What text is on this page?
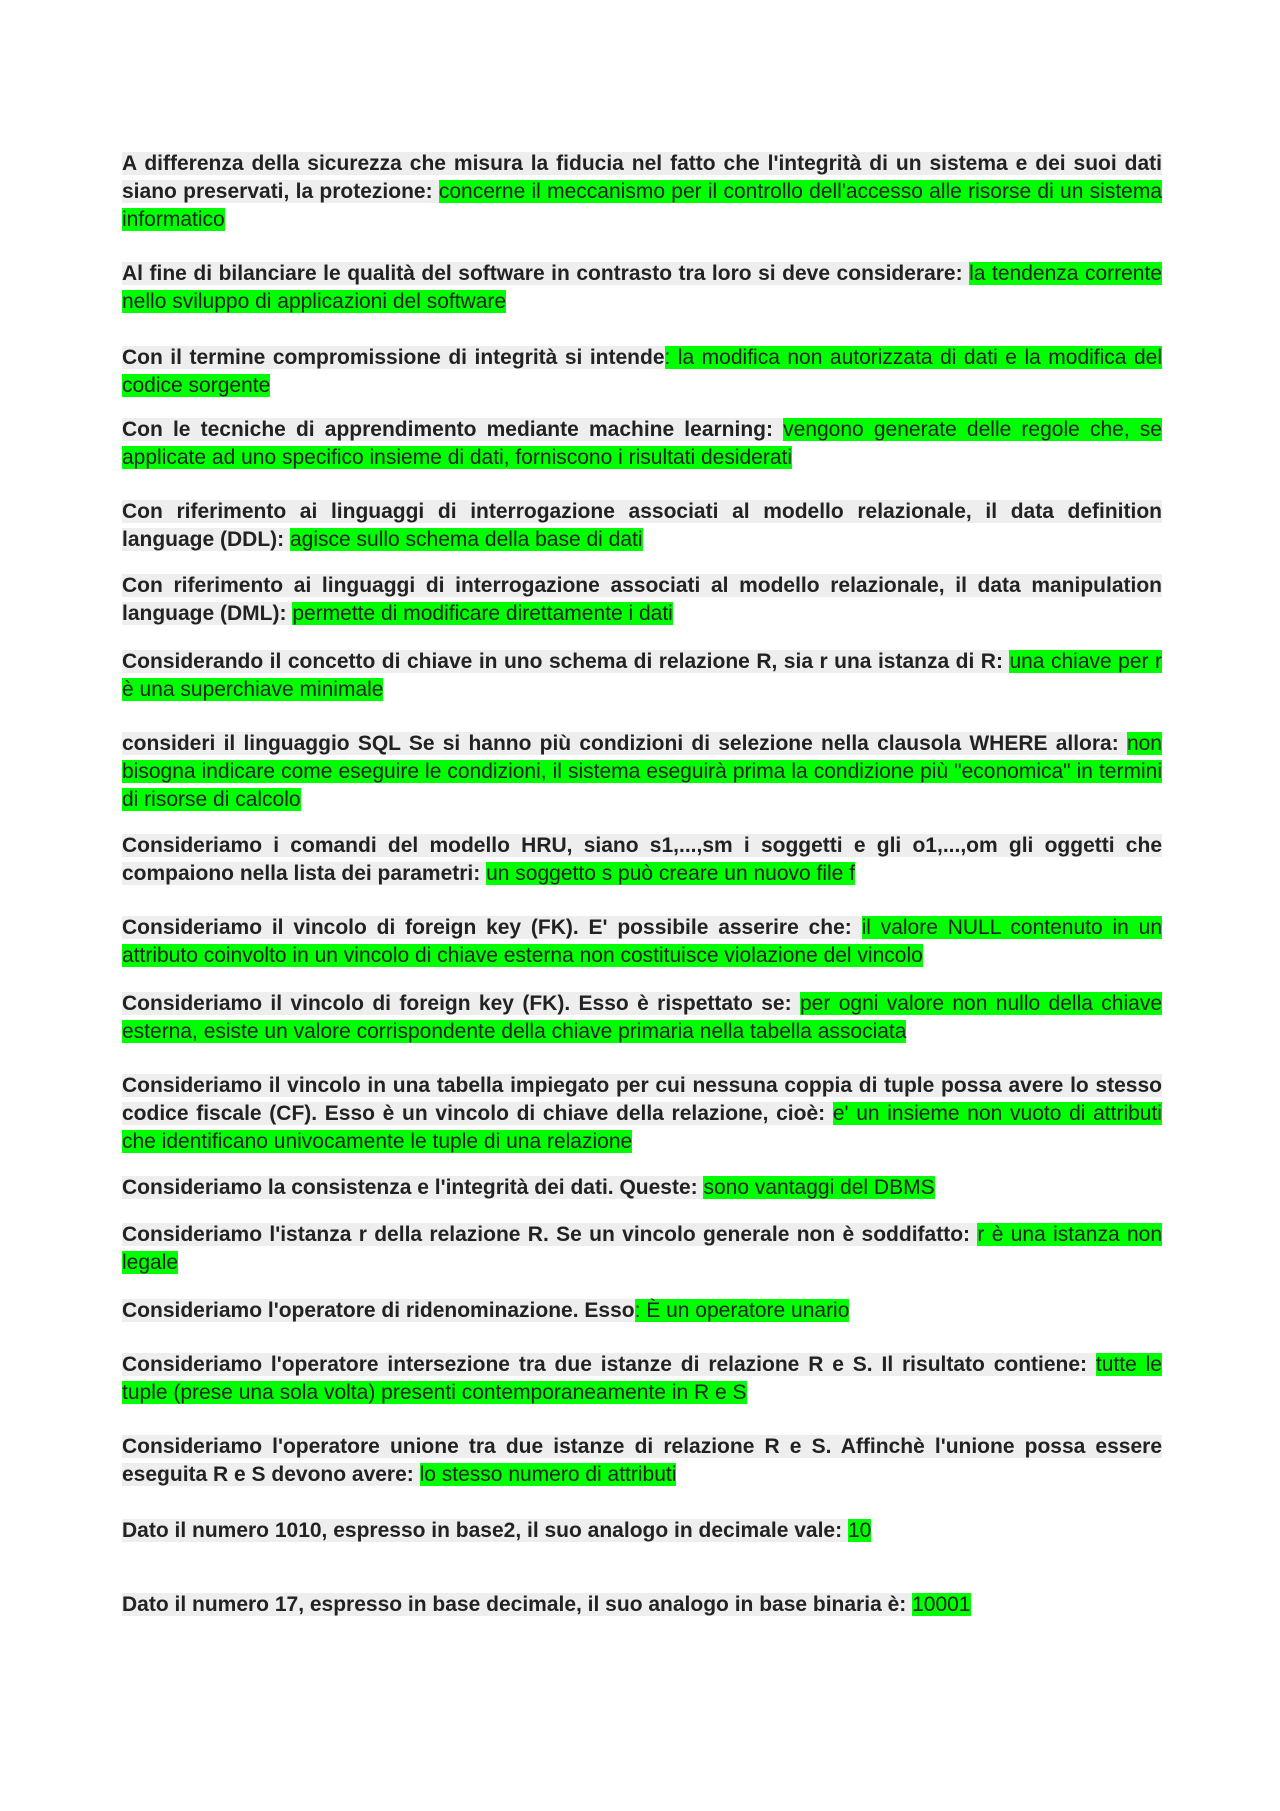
A differenza della sicurezza che misura la fiducia nel fatto che l'integrità di un sistema e dei suoi dati siano preservati, la protezione: concerne il meccanismo per il controllo dell'accesso alle risorse di un sistema informatico

Al fine di bilanciare le qualità del software in contrasto tra loro si deve considerare: la tendenza corrente nello sviluppo di applicazioni del software

Con il termine compromissione di integrità si intende: la modifica non autorizzata di dati e la modifica del codice sorgente

Con le tecniche di apprendimento mediante machine learning: vengono generate delle regole che, se applicate ad uno specifico insieme di dati, forniscono i risultati desiderati

Con riferimento ai linguaggi di interrogazione associati al modello relazionale, il data definition language (DDL): agisce sullo schema della base di dati

Con riferimento ai linguaggi di interrogazione associati al modello relazionale, il data manipulation language (DML): permette di modificare direttamente i dati

Considerando il concetto di chiave in uno schema di relazione R, sia r una istanza di R: una chiave per r è una superchiave minimale

consideri il linguaggio SQL Se si hanno più condizioni di selezione nella clausola WHERE allora: non bisogna indicare come eseguire le condizioni, il sistema eseguirà prima la condizione più "economica" in termini di risorse di calcolo

Consideriamo i comandi del modello HRU, siano s1,...,sm i soggetti e gli o1,...,om gli oggetti che compaiono nella lista dei parametri: un soggetto s può creare un nuovo file f

Consideriamo il vincolo di foreign key (FK). E' possibile asserire che: il valore NULL contenuto in un attributo coinvolto in un vincolo di chiave esterna non costituisce violazione del vincolo

Consideriamo il vincolo di foreign key (FK). Esso è rispettato se: per ogni valore non nullo della chiave esterna, esiste un valore corrispondente della chiave primaria nella tabella associata

Consideriamo il vincolo in una tabella impiegato per cui nessuna coppia di tuple possa avere lo stesso codice fiscale (CF). Esso è un vincolo di chiave della relazione, cioè: e' un insieme non vuoto di attributi che identificano univocamente le tuple di una relazione

Consideriamo la consistenza e l'integrità dei dati. Queste: sono vantaggi del DBMS

Consideriamo l'istanza r della relazione R. Se un vincolo generale non è soddifatto: r è una istanza non legale

Consideriamo l'operatore di ridenominazione. Esso: È un operatore unario

Consideriamo l'operatore intersezione tra due istanze di relazione R e S. Il risultato contiene: tutte le tuple (prese una sola volta) presenti contemporaneamente in R e S

Consideriamo l'operatore unione tra due istanze di relazione R e S. Affinchè l'unione possa essere eseguita R e S devono avere: lo stesso numero di attributi

Dato il numero 1010, espresso in base2, il suo analogo in decimale vale: 10

Dato il numero 17, espresso in base decimale, il suo analogo in base binaria è: 10001
